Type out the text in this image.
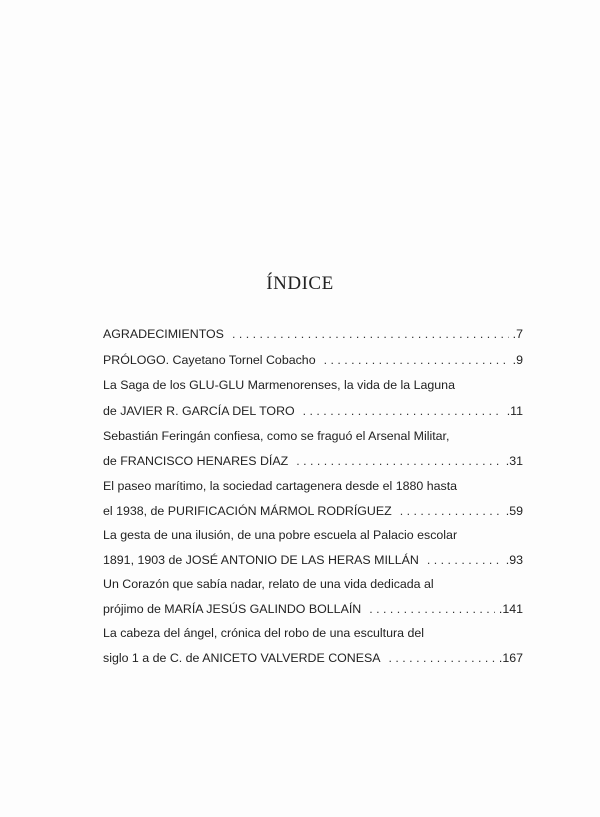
ÍNDICE
AGRADECIMIENTOS . . .	.7
PRÓLOGO. Cayetano Tornel Cobacho . . .	.9
La Saga de los GLU-GLU Marmenorenses, la vida de la Laguna
de JAVIER R. GARCÍA DEL TORO . . .	.11
Sebastián Feringán confiesa, como se fraguó el Arsenal Militar,
de FRANCISCO HENARES DÍAZ . . .	.31
El paseo marítimo, la sociedad cartagenera desde el 1880 hasta
el 1938, de PURIFICACIÓN MÁRMOL RODRÍGUEZ . . .	.59
La gesta de una ilusión, de una pobre escuela al Palacio escolar
1891, 1903 de JOSÉ ANTONIO DE LAS HERAS MILLÁN . . .	.93
Un Corazón que sabía nadar, relato de una vida dedicada al
prójimo de MARÍA JESÚS GALINDO BOLLAÍN . . .	.141
La cabeza del ángel, crónica del robo de una escultura del
siglo 1 a de C. de ANICETO VALVERDE CONESA . . .	.167
